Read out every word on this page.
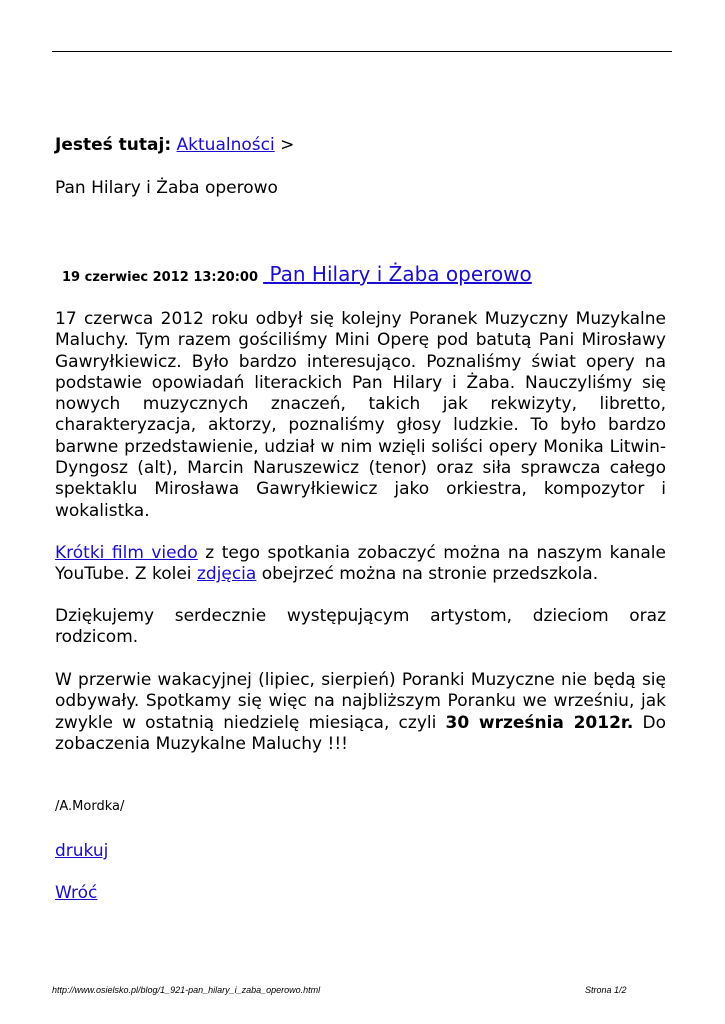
Jesteś tutaj: Aktualności >
Pan Hilary i Żaba operowo
19 czerwiec 2012 13:20:00 Pan Hilary i Żaba operowo
17 czerwca 2012 roku odbył się kolejny Poranek Muzyczny Muzykalne Maluchy. Tym razem gościliśmy Mini Operę pod batutą Pani Mirosławy Gawryłkiewicz. Było bardzo interesująco. Poznaliśmy świat opery na podstawie opowiadań literackich Pan Hilary i Żaba. Nauczyliśmy się nowych muzycznych znaczeń, takich jak rekwizyty, libretto, charakteryzacja, aktorzy, poznaliśmy głosy ludzkie. To było bardzo barwne przedstawienie, udział w nim wzięli soliści opery Monika Litwin-Dyngosz (alt), Marcin Naruszewicz (tenor) oraz siła sprawcza całego spektaklu Mirosława Gawryłkiewicz jako orkiestra, kompozytor i wokalistka.
Krótki film viedo z tego spotkania zobaczyć można na naszym kanale YouTube. Z kolei zdjęcia obejrzeć można na stronie przedszkola.
Dziękujemy serdecznie występującym artystom, dzieciom oraz rodzicom.
W przerwie wakacyjnej (lipiec, sierpień) Poranki Muzyczne nie będą się odbywały. Spotkamy się więc na najbliższym Poranku we wrześniu, jak zwykle w ostatnią niedzielę miesiąca, czyli 30 września 2012r. Do zobaczenia Muzykalne Maluchy !!!
/A.Mordka/
drukuj
Wróć
http://www.osielsko.pl/blog/1_921-pan_hilary_i_zaba_operowo.html	Strona 1/2
